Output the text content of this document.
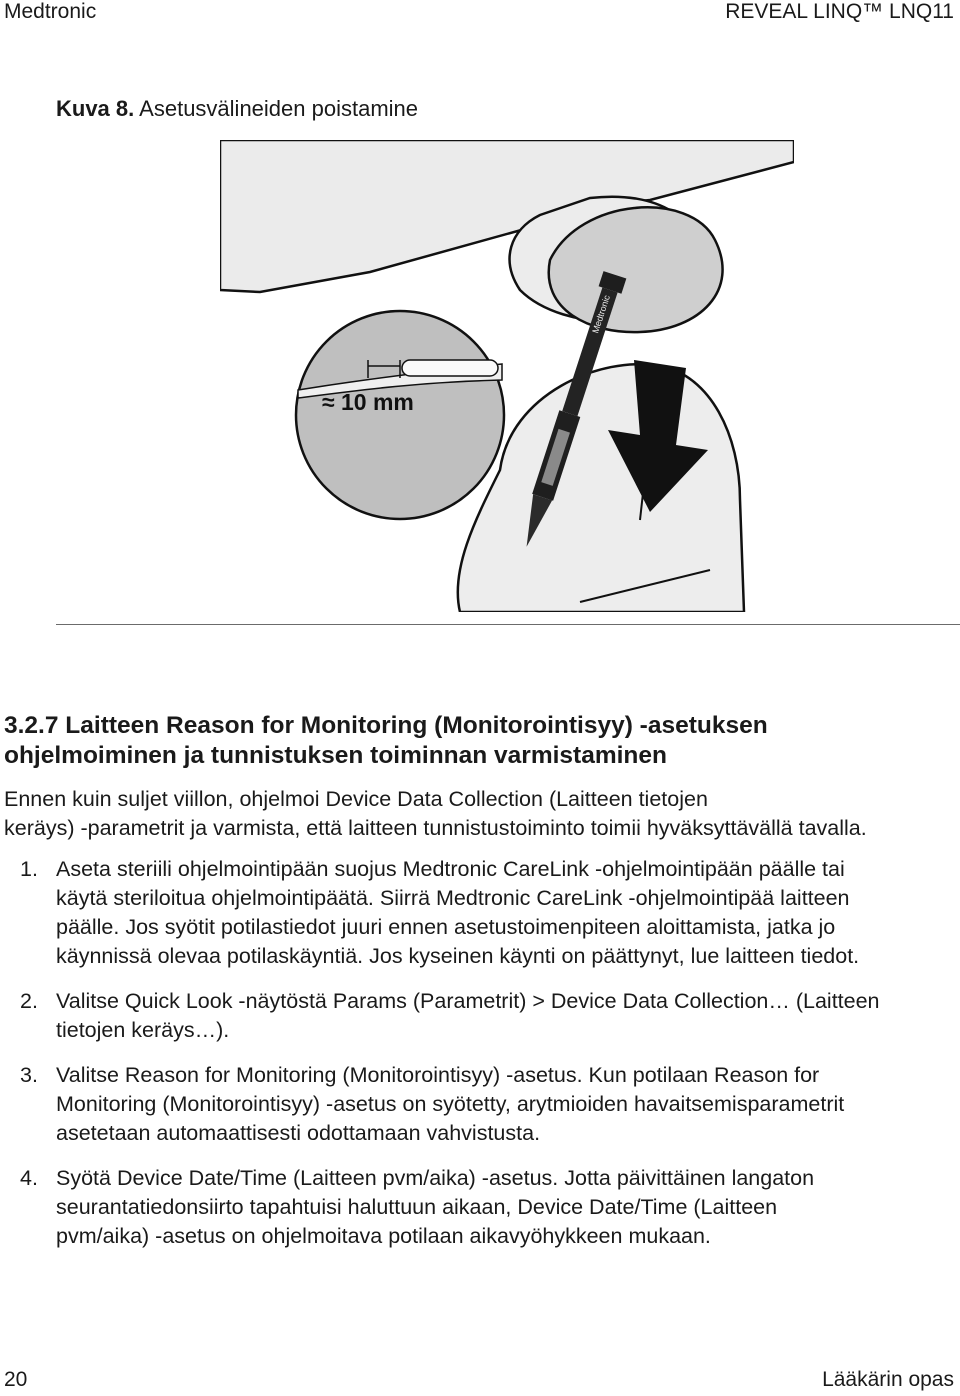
Medtronic	REVEAL LINQ™ LNQ11
Kuva 8. Asetusvälineiden poistamine
≈ 10 mm
Medtronic
3.2.7 Laitteen Reason for Monitoring (Monitorointisyy) -asetuksen
ohjelmoiminen ja tunnistuksen toiminnan varmistaminen
Ennen kuin suljet viillon, ohjelmoi Device Data Collection (Laitteen tietojen
keräys) -parametrit ja varmista, että laitteen tunnistustoiminto toimii hyväksyttävällä tavalla.
1. Aseta steriili ohjelmointipään suojus Medtronic CareLink -ohjelmointipään päälle tai
käytä steriloitua ohjelmointipäätä. Siirrä Medtronic CareLink -ohjelmointipää laitteen
päälle. Jos syötit potilastiedot juuri ennen asetustoimenpiteen aloittamista, jatka jo
käynnissä olevaa potilaskäyntiä. Jos kyseinen käynti on päättynyt, lue laitteen tiedot.
2. Valitse Quick Look -näytöstä Params (Parametrit) > Device Data Collection… (Laitteen
tietojen keräys…).
3. Valitse Reason for Monitoring (Monitorointisyy) -asetus. Kun potilaan Reason for
Monitoring (Monitorointisyy) -asetus on syötetty, arytmioiden havaitsemisparametrit
asetetaan automaattisesti odottamaan vahvistusta.
4. Syötä Device Date/Time (Laitteen pvm/aika) -asetus. Jotta päivittäinen langaton
seurantatiedonsiirto tapahtuisi haluttuun aikaan, Device Date/Time (Laitteen
pvm/aika) -asetus on ohjelmoitava potilaan aikavyöhykkeen mukaan.
20	Lääkärin opas
